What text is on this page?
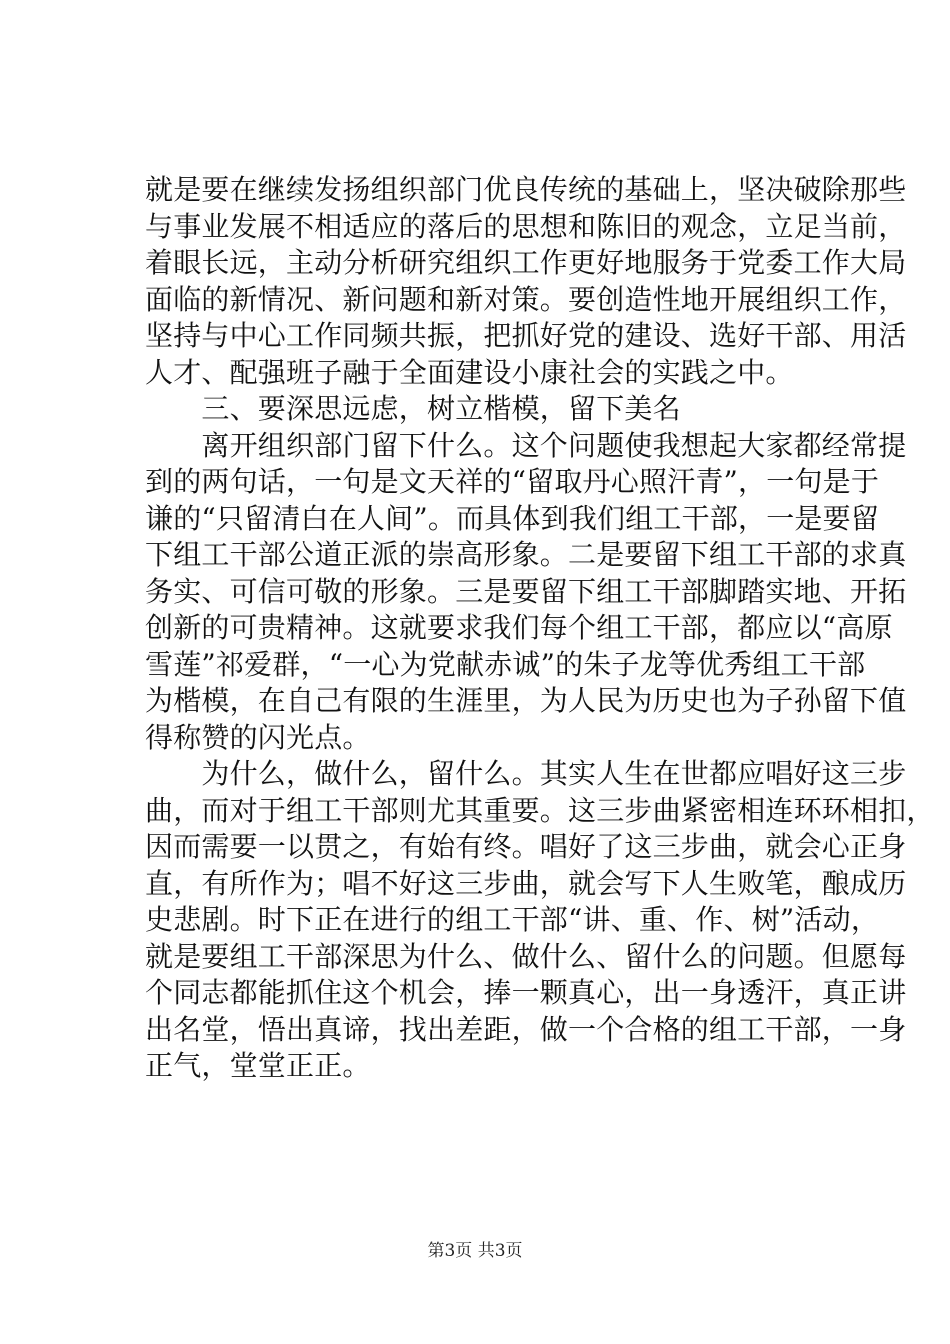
就是要在继续发扬组织部门优良传统的基础上，坚决破除那些
与事业发展不相适应的落后的思想和陈旧的观念，立足当前，
着眼长远，主动分析研究组织工作更好地服务于党委工作大局
面临的新情况、新问题和新对策。要创造性地开展组织工作，
坚持与中心工作同频共振，把抓好党的建设、选好干部、用活
人才、配强班子融于全面建设小康社会的实践之中。
　　三、要深思远虑，树立楷模，留下美名
　　离开组织部门留下什么。这个问题使我想起大家都经常提
到的两句话，一句是文天祥的“留取丹心照汗青”，一句是于
谦的“只留清白在人间”。而具体到我们组工干部，一是要留
下组工干部公道正派的崇高形象。二是要留下组工干部的求真
务实、可信可敬的形象。三是要留下组工干部脚踏实地、开拓
创新的可贵精神。这就要求我们每个组工干部，都应以“高原
雪莲”祁爱群，“一心为党献赤诚”的朱子龙等优秀组工干部
为楷模，在自己有限的生涯里，为人民为历史也为子孙留下值
得称赞的闪光点。
　　为什么，做什么，留什么。其实人生在世都应唱好这三步
曲，而对于组工干部则尤其重要。这三步曲紧密相连环环相扣，
因而需要一以贯之，有始有终。唱好了这三步曲，就会心正身
直，有所作为；唱不好这三步曲，就会写下人生败笔，酿成历
史悲剧。时下正在进行的组工干部“讲、重、作、树”活动，
就是要组工干部深思为什么、做什么、留什么的问题。但愿每
个同志都能抓住这个机会，捧一颗真心，出一身透汗，真正讲
出名堂，悟出真谛，找出差距，做一个合格的组工干部，一身
正气，堂堂正正。
第3页 共3页
